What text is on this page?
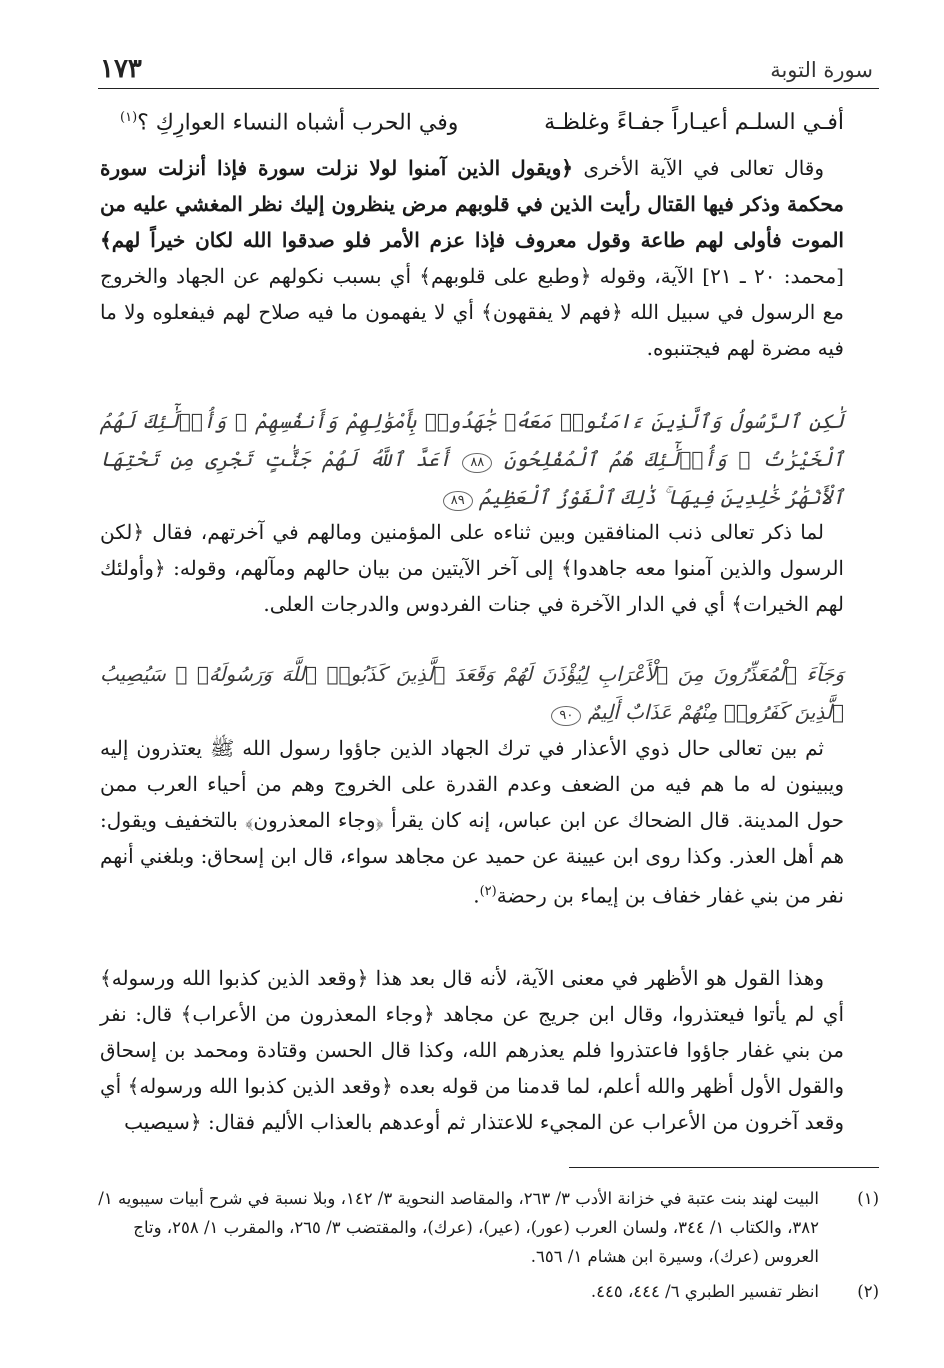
سورة التوبة
١٧٣
أفـي السلـم أعيـاراً جفـاءً وغلظـة
وفي الحرب أشباه النساء العوارِكِ ؟$^{(١)}$

وقال تعالى في الآية الأخرى ﴿ويقول الذين آمنوا لولا نزلت سورة فإذا أنزلت سورة محكمة وذكر فيها القتال رأيت الذين في قلوبهم مرض ينظرون إليك نظر المغشي عليه من الموت فأولى لهم طاعة وقول معروف فإذا عزم الأمر فلو صدقوا الله لكان خيراً لهم﴾ [محمد: ٢٠ ـ ٢١] الآية، وقوله ﴿وطبع على قلوبهم﴾ أي بسبب نكولهم عن الجهاد والخروج مع الرسول في سبيل الله ﴿فهم لا يفقهون﴾ أي لا يفهمون ما فيه صلاح لهم فيفعلوه ولا ما فيه مضرة لهم فيجتنبوه.

لَٰكِنِ ٱلرَّسُولُ وَٱلَّذِينَ ءَامَنُوا۟ مَعَهُۥ جَٰهَدُوا۟ بِأَمْوَٰلِهِمْ وَأَنفُسِهِمْ ۚ وَأُو۟لَٰٓئِكَ لَهُمُ ٱلْخَيْرَٰتُ ۖ وَأُو۟لَٰٓئِكَ هُمُ ٱلْمُفْلِحُونَ ٨٨ أَعَدَّ ٱللَّهُ لَهُمْ جَنَّٰتٍ تَجْرِى مِن تَحْتِهَا ٱلْأَنْهَٰرُ خَٰلِدِينَ فِيهَا ۚ ذَٰلِكَ ٱلْفَوْزُ ٱلْعَظِيمُ ٨٩

لما ذكر تعالى ذنب المنافقين وبين ثناءه على المؤمنين ومالهم في آخرتهم، فقال ﴿لكن الرسول والذين آمنوا معه جاهدوا﴾ إلى آخر الآيتين من بيان حالهم ومآلهم، وقوله: ﴿وأولئك لهم الخيرات﴾ أي في الدار الآخرة في جنات الفردوس والدرجات العلى.

وَجَآءَ ٱلْمُعَذِّرُونَ مِنَ ٱلْأَعْرَابِ لِيُؤْذَنَ لَهُمْ وَقَعَدَ ٱلَّذِينَ كَذَبُوا۟ ٱللَّهَ وَرَسُولَهُۥ ۚ سَيُصِيبُ ٱلَّذِينَ كَفَرُوا۟ مِنْهُمْ عَذَابٌ أَلِيمٌ ٩٠

ثم بين تعالى حال ذوي الأعذار في ترك الجهاد الذين جاؤوا رسول الله ﷺ يعتذرون إليه ويبينون له ما هم فيه من الضعف وعدم القدرة على الخروج وهم من أحياء العرب ممن حول المدينة. قال الضحاك عن ابن عباس، إنه كان يقرأ ﴿وجاء المعذرون﴾ بالتخفيف ويقول: هم أهل العذر. وكذا روى ابن عيينة عن حميد عن مجاهد سواء، قال ابن إسحاق: وبلغني أنهم نفر من بني غفار خفاف بن إيماء بن رحضة$^{(٢)}$.

وهذا القول هو الأظهر في معنى الآية، لأنه قال بعد هذا ﴿وقعد الذين كذبوا الله ورسوله﴾ أي لم يأتوا فيعتذروا، وقال ابن جريج عن مجاهد ﴿وجاء المعذرون من الأعراب﴾ قال: نفر من بني غفار جاؤوا فاعتذروا فلم يعذرهم الله، وكذا قال الحسن وقتادة ومحمد بن إسحاق والقول الأول أظهر والله أعلم، لما قدمنا من قوله بعده ﴿وقعد الذين كذبوا الله ورسوله﴾ أي وقعد آخرون من الأعراب عن المجيء للاعتذار ثم أوعدهم بالعذاب الأليم فقال: ﴿سيصيب

(١)
البيت لهند بنت عتبة في خزانة الأدب ٣/ ٢٦٣، والمقاصد النحوية ٣/ ١٤٢، وبلا نسبة في شرح أبيات سيبويه ١/ ٣٨٢، والكتاب ١/ ٣٤٤، ولسان العرب (عور)، (عير)، (عرك)، والمقتضب ٣/ ٢٦٥، والمقرب ١/ ٢٥٨، وتاج العروس (عرك)، وسيرة ابن هشام ١/ ٦٥٦.
(٢)
انظر تفسير الطبري ٦/ ٤٤٤، ٤٤٥.
